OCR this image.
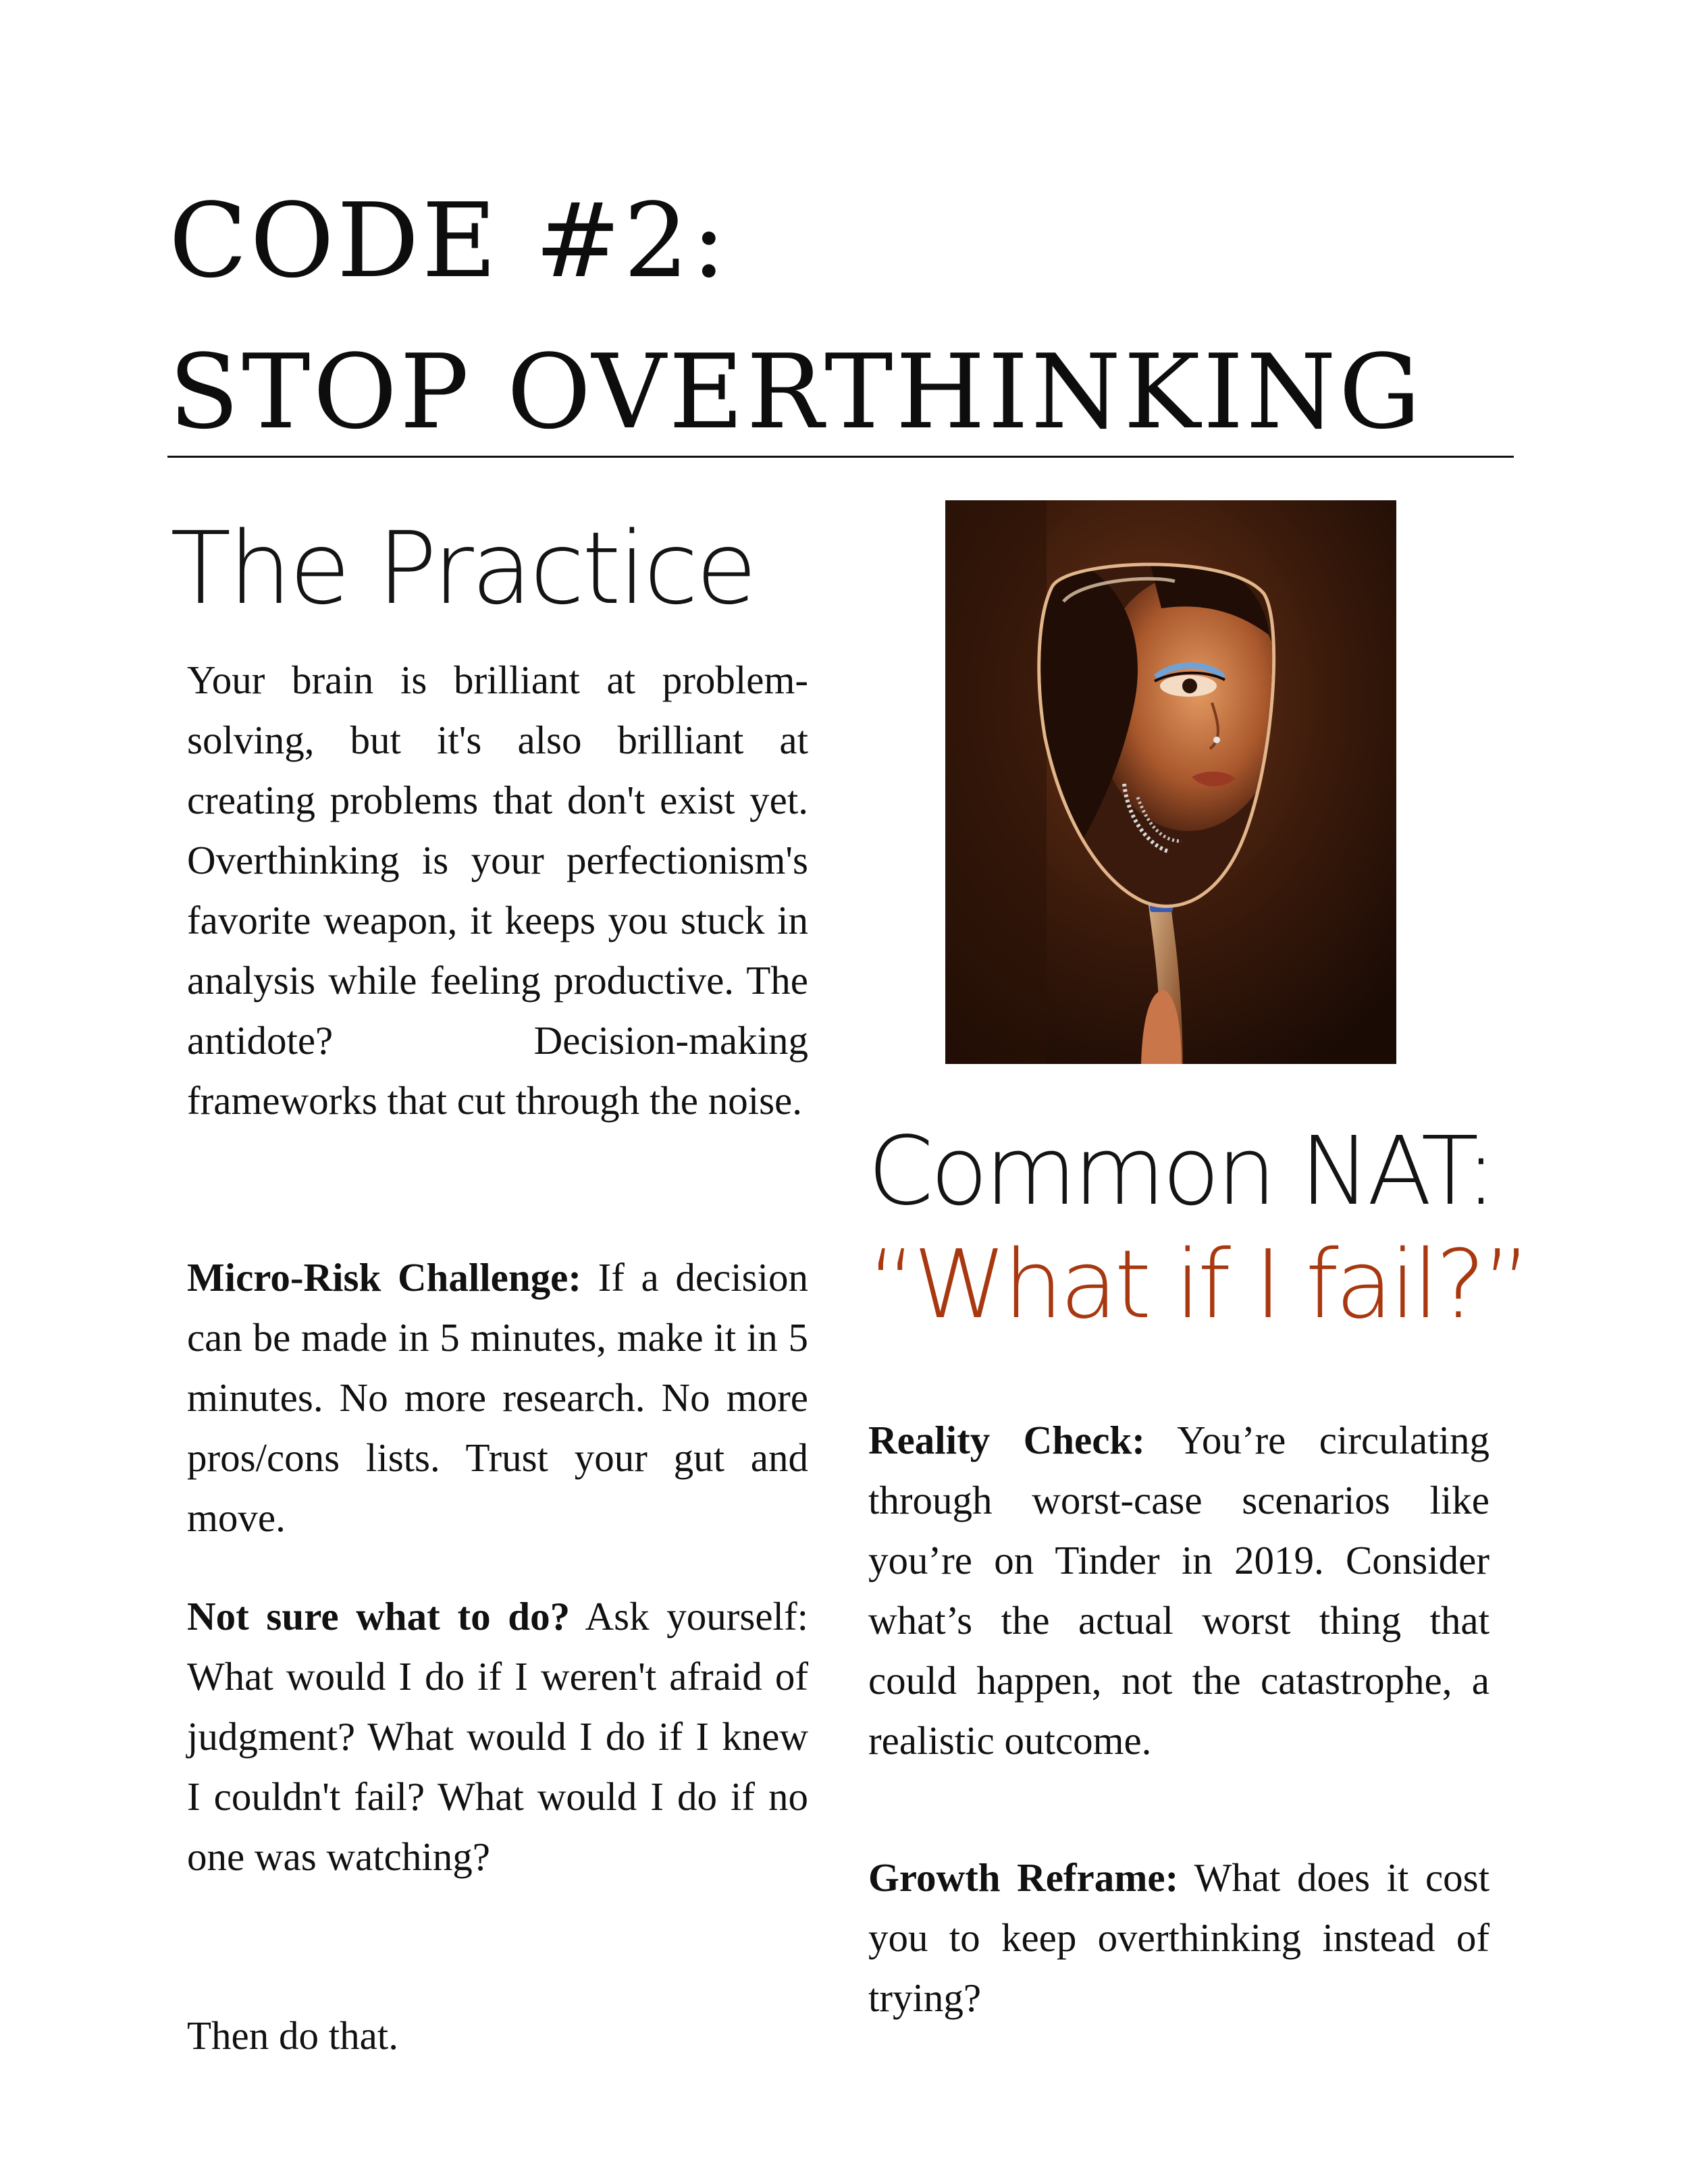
CODE #2:
STOP OVERTHINKING
The Practice

Your brain is brilliant at problem-solving, but it's also brilliant at creating problems that don't exist yet. Overthinking is your perfectionism's favorite weapon, it keeps you stuck in analysis while feeling productive. The antidote? Decision-making frameworks that cut through the noise.

Micro-Risk Challenge: If a decision can be made in 5 minutes, make it in 5 minutes. No more research. No more pros/cons lists. Trust your gut and move.

Not sure what to do? Ask yourself: What would I do if I weren't afraid of judgment? What would I do if I knew I couldn't fail? What would I do if no one was watching?

Then do that.

Common NAT:
“What if I fail?”

Reality Check: You’re circulating through worst-case scenarios like you’re on Tinder in 2019. Consider what’s the actual worst thing that could happen, not the catastrophe, a realistic outcome.

Growth Reframe: What does it cost you to keep overthinking instead of trying?
